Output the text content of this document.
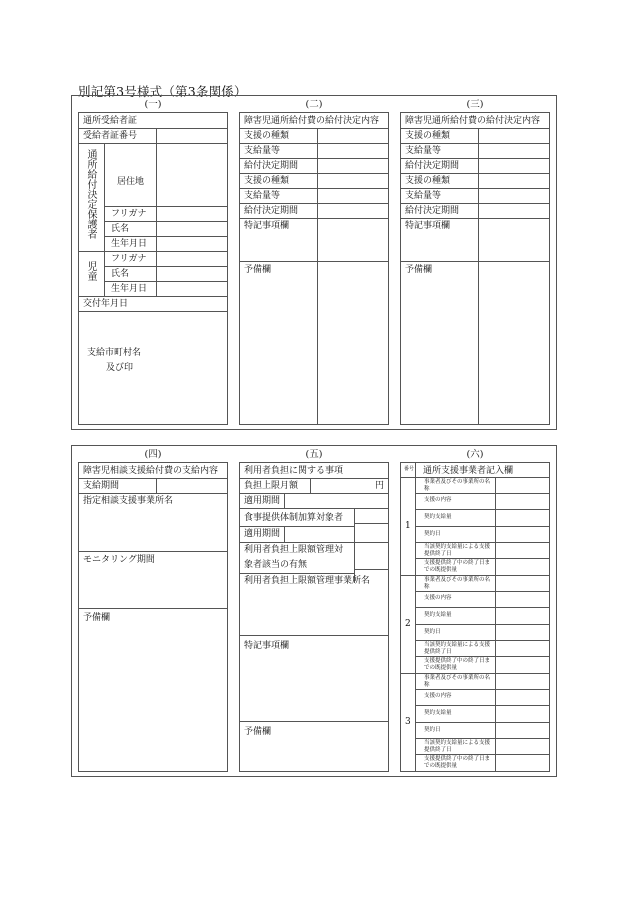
別記第3号様式（第3条関係）
(一)
通所受給者証
受給者証番号
通所給付決定保護者 居住地
フリガナ
氏名
生年月日
児童
フリガナ
氏名
生年月日
交付年月日
支給市町村名
及び印
(二)
障害児通所給付費の給付決定内容
支援の種類
支給量等
給付決定期間
支援の種類
支給量等
給付決定期間
特記事項欄
予備欄
(三)
障害児通所給付費の給付決定内容
支援の種類
支給量等
給付決定期間
支援の種類
支給量等
給付決定期間
特記事項欄
予備欄
(四)
障害児相談支援給付費の支給内容
支給期間
指定相談支援事業所名
モニタリング期間
予備欄
(五)
利用者負担に関する事項
負担上限月額	円
適用期間
食事提供体制加算対象者
適用期間
利用者負担上限額管理対
象者該当の有無
利用者負担上限額管理事業所名
特記事項欄
予備欄
(六)
番号 通所支援事業者記入欄
1
事業者及びその事業所の名称
支援の内容
契約支給量
契約日
当該契約支給量による支援提供終了日
支援提供終了中の終了日までの既提供量
2
事業者及びその事業所の名称
支援の内容
契約支給量
契約日
当該契約支給量による支援提供終了日
支援提供終了中の終了日までの既提供量
3
事業者及びその事業所の名称
支援の内容
契約支給量
契約日
当該契約支給量による支援提供終了日
支援提供終了中の終了日までの既提供量
